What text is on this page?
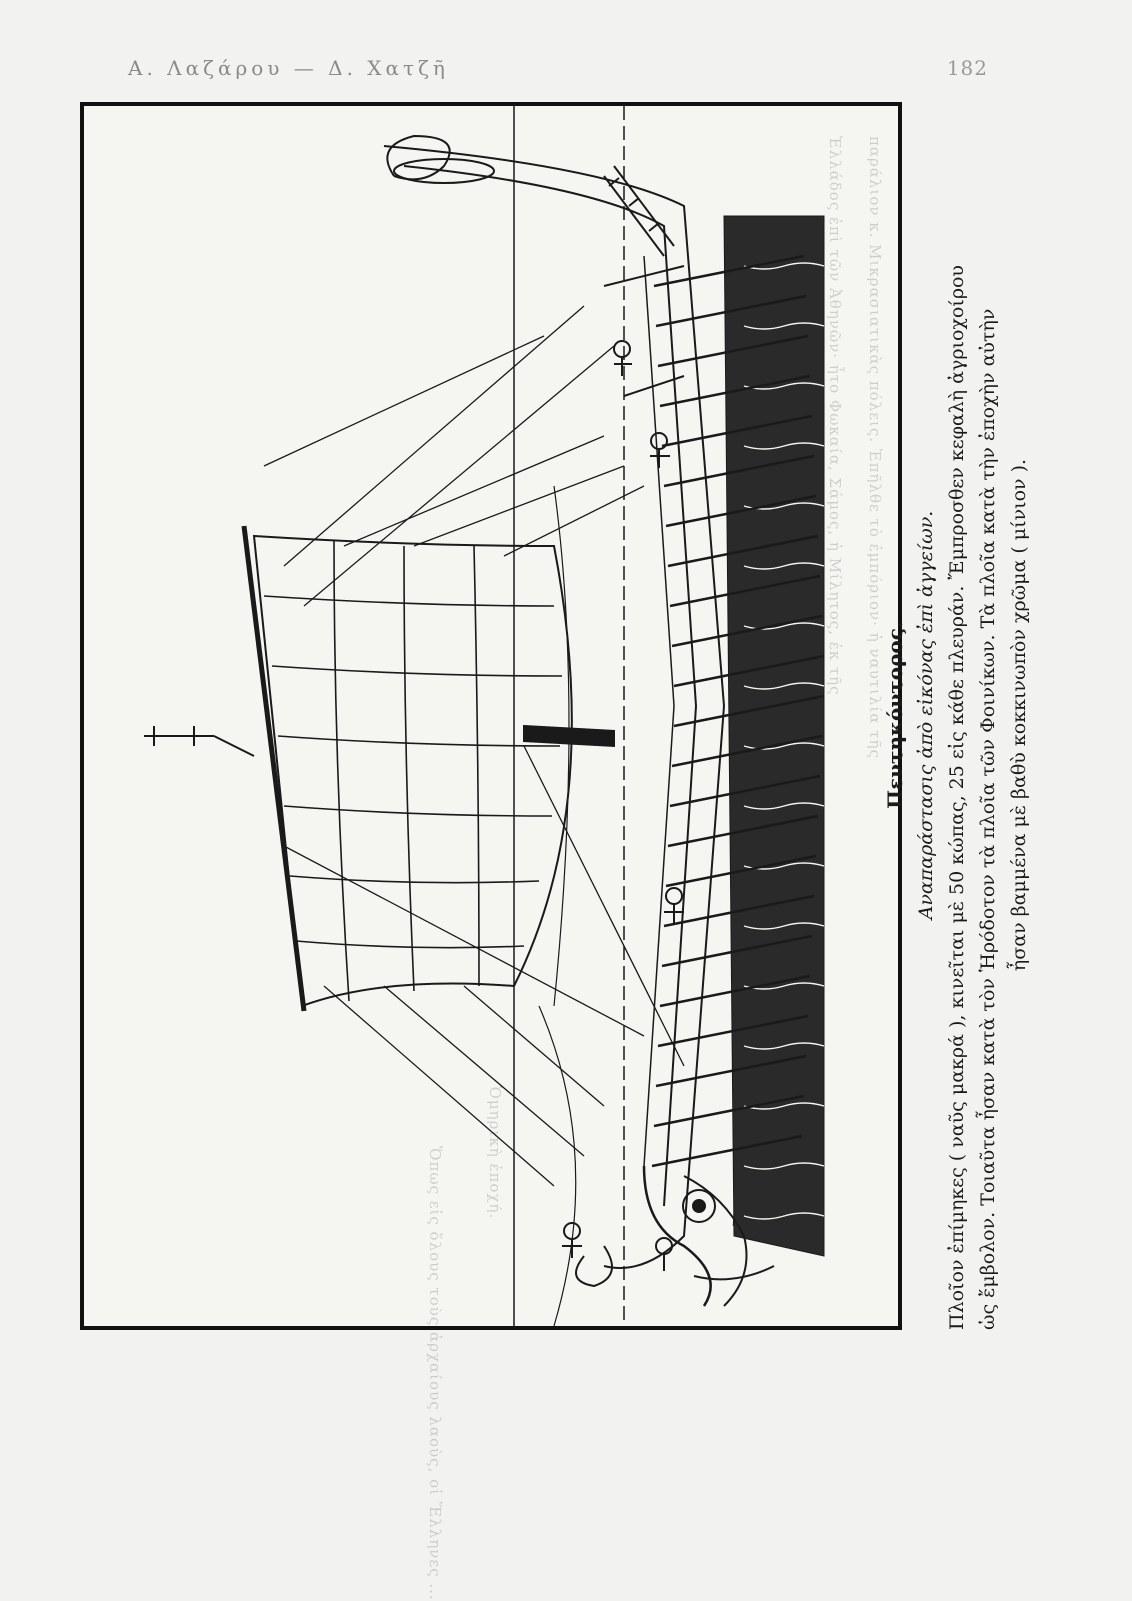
Α. Λαζάρου — Δ. Χατζῆ	182
παράλιον κ. Μικρασιατικὰς πόλεις. Ἐπῆλθε τὸ ἐμπόριον· ἡ ναυτιλία τῆς
Ἑλλάδος ἐπὶ τῶν Ἀθηνῶν· ἦτο Φωκαία, Σάμος, ἡ Μίλητος, ἐκ τῆς
Ὁμηρικὴ ἐποχή.
Ὅπως εἰς ὅλους τοὺς ἀρχαίους λαοὺς, οἱ Ἕλληνες ...
Πεντηκόντορος. Αναπαράστασις ἀπὸ εἰκόνας ἐπὶ ἀγγείων. Πλοῖον ἐπίμηκες ( ναῦς μακρά ), κινεῖται μὲ 50 κώπας, 25 εἰς κάθε πλευράν. Ἔμπροσθεν κεφαλὴ ἀγριοχοίρου ὡς ἔμβολον. Τοιαῦτα ἦσαν κατὰ τὸν Ἡρόδοτον τὰ πλοῖα τῶν Φοινίκων. Τὰ πλοῖα κατὰ τὴν ἐποχὴν αὐτὴν ἦσαν βαμμένα μὲ βαθὺ κοκκινωπὸν χρῶμα ( μίνιον ).
